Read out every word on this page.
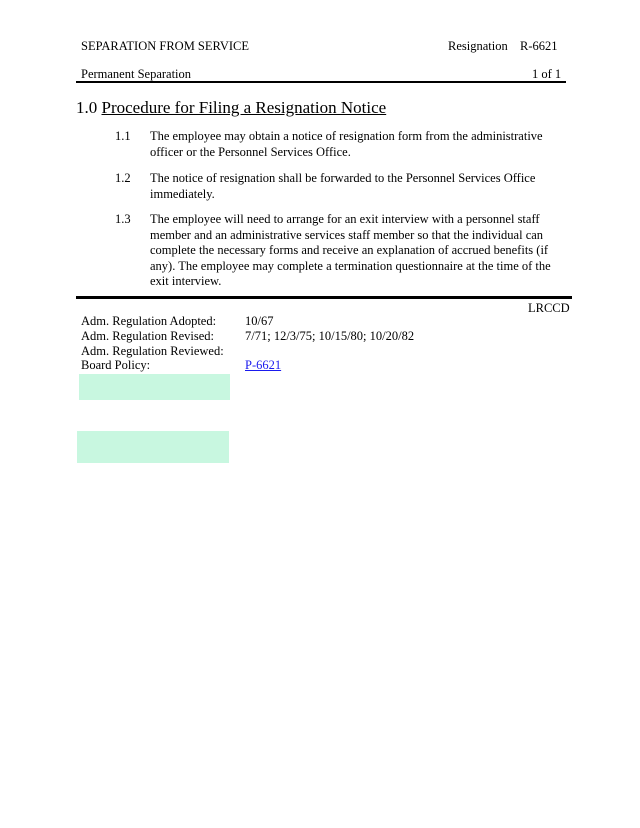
SEPARATION FROM SERVICE	Resignation R-6621
Permanent Separation	1 of 1
1.0 Procedure for Filing a Resignation Notice
1.1 The employee may obtain a notice of resignation form from the administrative officer or the Personnel Services Office.
1.2 The notice of resignation shall be forwarded to the Personnel Services Office immediately.
1.3 The employee will need to arrange for an exit interview with a personnel staff member and an administrative services staff member so that the individual can complete the necessary forms and receive an explanation of accrued benefits (if any). The employee may complete a termination questionnaire at the time of the exit interview.
LRCCD
Adm. Regulation Adopted: 10/67
Adm. Regulation Revised: 7/71; 12/3/75; 10/15/80; 10/20/82
Adm. Regulation Reviewed:
Board Policy:	P-6621
